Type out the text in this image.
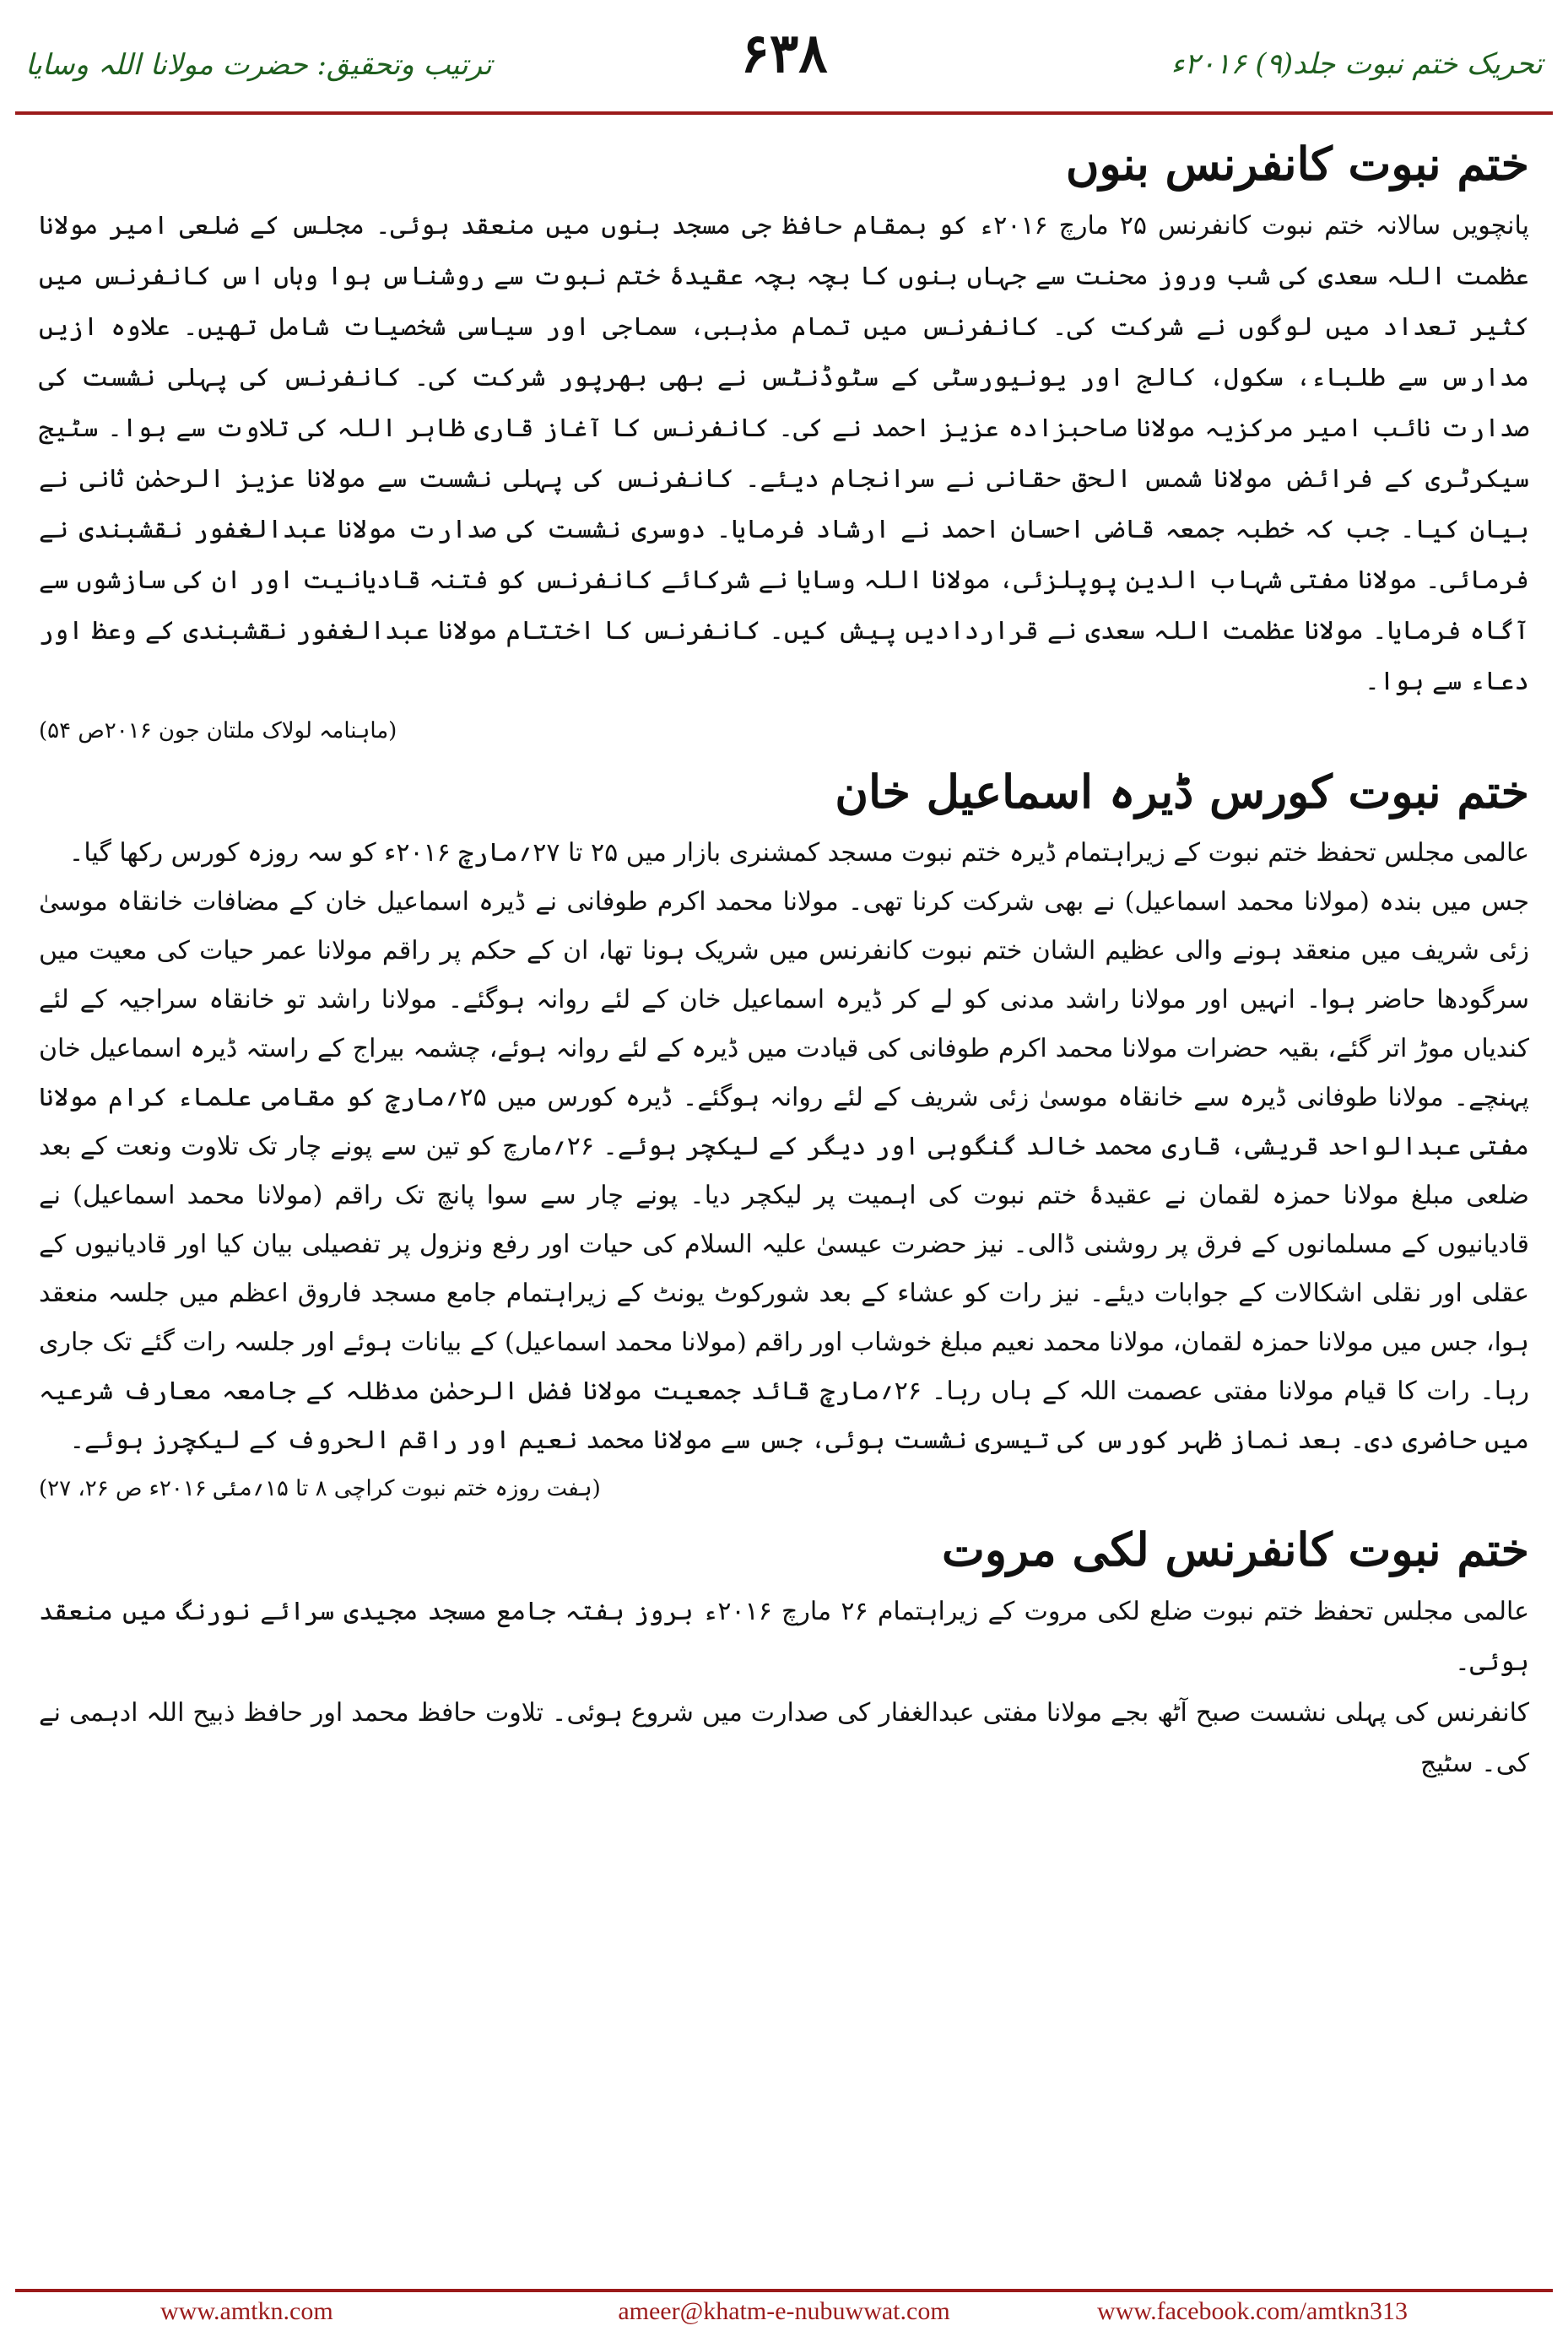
تحریک ختم نبوت جلد(۹) ۲۰۱۶ء
۶۳۸
ترتیب وتحقیق: حضرت مولانا اللہ وسایا
ختم نبوت کانفرنس بنوں

پانچویں سالانہ ختم نبوت کانفرنس ۲۵ مارچ ۲۰۱۶ء کو بمقام حافظ جی مسجد بنوں میں منعقد ہوئی۔ مجلس کے ضلعی امیر مولانا عظمت اللہ سعدی کی شب وروز محنت سے جہاں بنوں کا بچہ بچہ عقیدۂ ختم نبوت سے روشناس ہوا وہاں اس کانفرنس میں کثیر تعداد میں لوگوں نے شرکت کی۔ کانفرنس میں تمام مذہبی، سماجی اور سیاسی شخصیات شامل تھیں۔ علاوہ ازیں مدارس سے طلباء، سکول، کالج اور یونیورسٹی کے سٹوڈنٹس نے بھی بھرپور شرکت کی۔ کانفرنس کی پہلی نشست کی صدارت نائب امیر مرکزیہ مولانا صاحبزادہ عزیز احمد نے کی۔ کانفرنس کا آغاز قاری ظاہر اللہ کی تلاوت سے ہوا۔ سٹیج سیکرٹری کے فرائض مولانا شمس الحق حقانی نے سرانجام دیئے۔ کانفرنس کی پہلی نشست سے مولانا عزیز الرحمٰن ثانی نے بیان کیا۔ جب کہ خطبہ جمعہ قاضی احسان احمد نے ارشاد فرمایا۔ دوسری نشست کی صدارت مولانا عبدالغفور نقشبندی نے فرمائی۔ مولانا مفتی شہاب الدین پوپلزئی، مولانا اللہ وسایا نے شرکائے کانفرنس کو فتنہ قادیانیت اور ان کی سازشوں سے آگاہ فرمایا۔ مولانا عظمت اللہ سعدی نے قراردادیں پیش کیں۔ کانفرنس کا اختتام مولانا عبدالغفور نقشبندی کے وعظ اور دعاء سے ہوا۔

(ماہنامہ لولاک ملتان جون ۲۰۱۶ص ۵۴)
ختم نبوت کورس ڈیرہ اسماعیل خان

عالمی مجلس تحفظ ختم نبوت کے زیراہتمام ڈیرہ ختم نبوت مسجد کمشنری بازار میں ۲۵ تا ۲۷؍مارچ ۲۰۱۶ء کو سہ روزہ کورس رکھا گیا۔

جس میں بندہ (مولانا محمد اسماعیل) نے بھی شرکت کرنا تھی۔ مولانا محمد اکرم طوفانی نے ڈیرہ اسماعیل خان کے مضافات خانقاہ موسیٰ زئی شریف میں منعقد ہونے والی عظیم الشان ختم نبوت کانفرنس میں شریک ہونا تھا، ان کے حکم پر راقم مولانا عمر حیات کی معیت میں سرگودھا حاضر ہوا۔ انہیں اور مولانا راشد مدنی کو لے کر ڈیرہ اسماعیل خان کے لئے روانہ ہوگئے۔ مولانا راشد تو خانقاہ سراجیہ کے لئے کندیاں موڑ اتر گئے، بقیہ حضرات مولانا محمد اکرم طوفانی کی قیادت میں ڈیرہ کے لئے روانہ ہوئے، چشمہ بیراج کے راستہ ڈیرہ اسماعیل خان پہنچے۔ مولانا طوفانی ڈیرہ سے خانقاہ موسیٰ زئی شریف کے لئے روانہ ہوگئے۔ ڈیرہ کورس میں ۲۵؍مارچ کو مقامی علماء کرام مولانا مفتی عبدالواحد قریشی، قاری محمد خالد گنگوہی اور دیگر کے لیکچر ہوئے۔ ۲۶؍مارچ کو تین سے پونے چار تک تلاوت ونعت کے بعد ضلعی مبلغ مولانا حمزہ لقمان نے عقیدۂ ختم نبوت کی اہمیت پر لیکچر دیا۔ پونے چار سے سوا پانچ تک راقم (مولانا محمد اسماعیل) نے قادیانیوں کے مسلمانوں کے فرق پر روشنی ڈالی۔ نیز حضرت عیسیٰ علیہ السلام کی حیات اور رفع ونزول پر تفصیلی بیان کیا اور قادیانیوں کے عقلی اور نقلی اشکالات کے جوابات دیئے۔ نیز رات کو عشاء کے بعد شورکوٹ یونٹ کے زیراہتمام جامع مسجد فاروق اعظم میں جلسہ منعقد ہوا، جس میں مولانا حمزہ لقمان، مولانا محمد نعیم مبلغ خوشاب اور راقم (مولانا محمد اسماعیل) کے بیانات ہوئے اور جلسہ رات گئے تک جاری رہا۔ رات کا قیام مولانا مفتی عصمت اللہ کے ہاں رہا۔ ۲۶؍مارچ قائد جمعیت مولانا فضل الرحمٰن مدظلہ کے جامعہ معارف شرعیہ میں حاضری دی۔ بعد نماز ظہر کورس کی تیسری نشست ہوئی، جس سے مولانا محمد نعیم اور راقم الحروف کے لیکچرز ہوئے۔

(ہفت روزہ ختم نبوت کراچی ۸ تا ۱۵؍مئی ۲۰۱۶ء ص ۲۶، ۲۷)
ختم نبوت کانفرنس لکی مروت

عالمی مجلس تحفظ ختم نبوت ضلع لکی مروت کے زیراہتمام ۲۶ مارچ ۲۰۱۶ء بروز ہفتہ جامع مسجد مجیدی سرائے نورنگ میں منعقد ہوئی۔

کانفرنس کی پہلی نشست صبح آٹھ بجے مولانا مفتی عبدالغفار کی صدارت میں شروع ہوئی۔ تلاوت حافظ محمد اور حافظ ذبیح اللہ ادہمی نے کی۔ سٹیج

www.amtkn.com	ameer@khatm-e-nubuwwat.com	www.facebook.com/amtkn313
